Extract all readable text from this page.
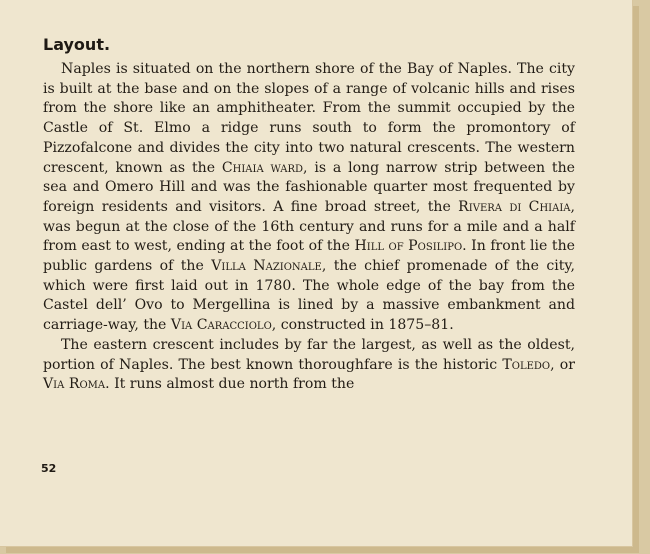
Layout.

Naples is situated on the northern shore of the Bay of Naples. The city is built at the base and on the slopes of a range of volcanic hills and rises from the shore like an amphitheater. From the summit occupied by the Castle of St. Elmo a ridge runs south to form the promontory of Pizzofalcone and divides the city into two natural crescents. The western crescent, known as the Chiaia ward, is a long narrow strip between the sea and Omero Hill and was the fashionable quarter most frequented by foreign residents and visitors. A fine broad street, the Rivera di Chiaia, was begun at the close of the 16th century and runs for a mile and a half from east to west, ending at the foot of the Hill of Posilipo. In front lie the public gardens of the Villa Nazionale, the chief promenade of the city, which were first laid out in 1780. The whole edge of the bay from the Castel dell’ Ovo to Mergellina is lined by a massive embankment and carriage-way, the Via Caracciolo, constructed in 1875–81.

The eastern crescent includes by far the largest, as well as the oldest, portion of Naples. The best known thoroughfare is the historic Toledo, or Via Roma. It runs almost due north from the

52
